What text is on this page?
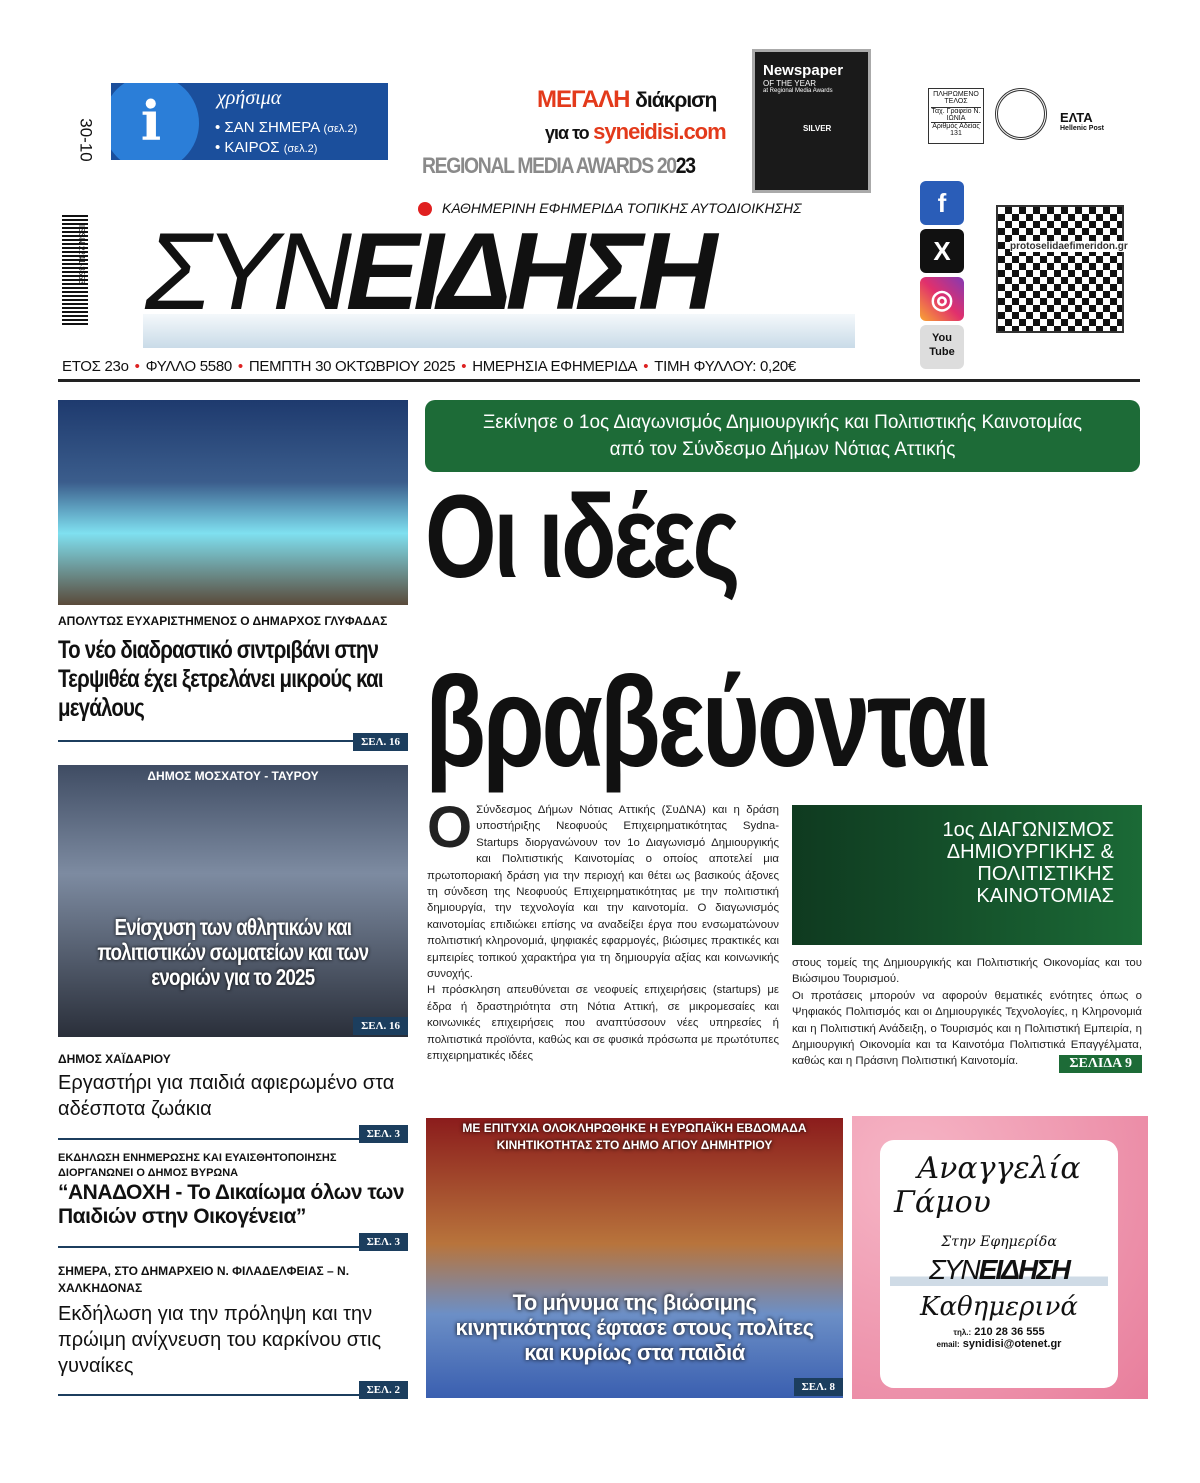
30-10
ISSN 2241-3553
i	χρήσιμα
• ΣΑΝ ΣΗΜΕΡΑ (σελ.2)
• ΚΑΙΡΟΣ (σελ.2)
ΜΕΓΑΛΗ διάκριση
για το syneidisi.com
REGIONAL MEDIA AWARDS 2023
Newspaper
OF THE YEAR
at Regional Media Awards
SILVER
ΠΛΗΡΩΜΕΝΟ ΤΕΛΟΣ
Ταχ. Γραφείο Ν. ΙΩΝΙΑ
Αριθμός Αδείας 131
ΕΛΤΑ
Hellenic Post
ΚΑΘΗΜΕΡΙΝΗ ΕΦΗΜΕΡΙΔΑ ΤΟΠΙΚΗΣ ΑΥΤΟΔΙΟΙΚΗΣΗΣ
ΣΥΝΕΙΔΗΣΗ
f
X
◎
You Tube
protoselidaefimeridon.gr
ΕΤΟΣ 23ο • ΦΥΛΛΟ 5580 • ΠΕΜΠΤΗ 30 ΟΚΤΩΒΡΙΟΥ 2025 • ΗΜΕΡΗΣΙΑ ΕΦΗΜΕΡΙΔΑ • ΤΙΜΗ ΦΥΛΛΟΥ: 0,20€
ΑΠΟΛΥΤΩΣ ΕΥΧΑΡΙΣΤΗΜΕΝΟΣ Ο ΔΗΜΑΡΧΟΣ ΓΛΥΦΑΔΑΣ
Το νέο διαδραστικό σιντριβάνι στην Τερψιθέα έχει ξετρελάνει μικρούς και μεγάλους
ΣΕΛ. 16
ΔΗΜΟΣ ΜΟΣΧΑΤΟΥ - ΤΑΥΡΟΥ
Ενίσχυση των αθλητικών και πολιτιστικών σωματείων και των ενοριών για το 2025
ΣΕΛ. 16
ΔΗΜΟΣ ΧΑΪΔΑΡΙΟΥ
Εργαστήρι για παιδιά αφιερωμένο στα αδέσποτα ζωάκια
ΣΕΛ. 3
ΕΚΔΗΛΩΣΗ ΕΝΗΜΕΡΩΣΗΣ ΚΑΙ ΕΥΑΙΣΘΗΤΟΠΟΙΗΣΗΣ ΔΙΟΡΓΑΝΩΝΕΙ Ο ΔΗΜΟΣ ΒΥΡΩΝΑ
“ΑΝΑΔΟΧΗ - Το Δικαίωμα όλων των Παιδιών στην Οικογένεια”
ΣΕΛ. 3
ΣΗΜΕΡΑ, ΣΤΟ ΔΗΜΑΡΧΕΙΟ Ν. ΦΙΛΑΔΕΛΦΕΙΑΣ – Ν. ΧΑΛΚΗΔΟΝΑΣ
Εκδήλωση για την πρόληψη και την πρώιμη ανίχνευση του καρκίνου στις γυναίκες
ΣΕΛ. 2
Ξεκίνησε ο 1ος Διαγωνισμός Δημιουργικής και Πολιτιστικής Καινοτομίας από τον Σύνδεσμο Δήμων Νότιας Αττικής
Οι ιδέες
βραβεύονται
Ο Σύνδεσμος Δήμων Νότιας Αττικής (ΣυΔΝΑ) και η δράση υποστήριξης Νεοφυούς Επιχειρηματικότητας Sydna-Startups διοργανώνουν τον 1ο Διαγωνισμό Δημιουργικής και Πολιτιστικής Καινοτομίας ο οποίος αποτελεί μια πρωτοποριακή δράση για την περιοχή και θέτει ως βασικούς άξονες τη σύνδεση της Νεοφυούς Επιχειρηματικότητας με την πολιτιστική δημιουργία, την τεχνολογία και την καινοτομία. Ο διαγωνισμός καινοτομίας επιδιώκει επίσης να αναδείξει έργα που ενσωματώνουν πολιτιστική κληρονομιά, ψηφιακές εφαρμογές, βιώσιμες πρακτικές και εμπειρίες τοπικού χαρακτήρα για τη δημιουργία αξίας και κοινωνικής συνοχής.
Η πρόσκληση απευθύνεται σε νεοφυείς επιχειρήσεις (startups) με έδρα ή δραστηριότητα στη Νότια Αττική, σε μικρομεσαίες και κοινωνικές επιχειρήσεις που αναπτύσσουν νέες υπηρεσίες ή πολιτιστικά προϊόντα, καθώς και σε φυσικά πρόσωπα με πρωτότυπες επιχειρηματικές ιδέες
1ος ΔΙΑΓΩΝΙΣΜΟΣ
ΔΗΜΙΟΥΡΓΙΚΗΣ &
ΠΟΛΙΤΙΣΤΙΚΗΣ
ΚΑΙΝΟΤΟΜΙΑΣ
στους τομείς της Δημιουργικής και Πολιτιστικής Οικονομίας και του Βιώσιμου Τουρισμού.
Οι προτάσεις μπορούν να αφορούν θεματικές ενότητες όπως ο Ψηφιακός Πολιτισμός και οι Δημιουργικές Τεχνολογίες, η Κληρονομιά και η Πολιτιστική Ανάδειξη, ο Τουρισμός και η Πολιτιστική Εμπειρία, η Δημιουργική Οικονομία και τα Καινοτόμα Πολιτιστικά Επαγγέλματα, καθώς και η Πράσινη Πολιτιστική Καινοτομία.	ΣΕΛΙΔΑ 9
ΜΕ ΕΠΙΤΥΧΙΑ ΟΛΟΚΛΗΡΩΘΗΚΕ Η ΕΥΡΩΠΑΪΚΗ ΕΒΔΟΜΑΔΑ ΚΙΝΗΤΙΚΟΤΗΤΑΣ ΣΤΟ ΔΗΜΟ ΑΓΙΟΥ ΔΗΜΗΤΡΙΟΥ
Το μήνυμα της βιώσιμης κινητικότητας έφτασε στους πολίτες και κυρίως στα παιδιά
ΣΕΛ. 8
Αναγγελία
Γάμου
Στην Εφημερίδα
ΣΥΝΕΙΔΗΣΗ
Καθημερινά
τηλ.: 210 28 36 555
email: synidisi@otenet.gr
